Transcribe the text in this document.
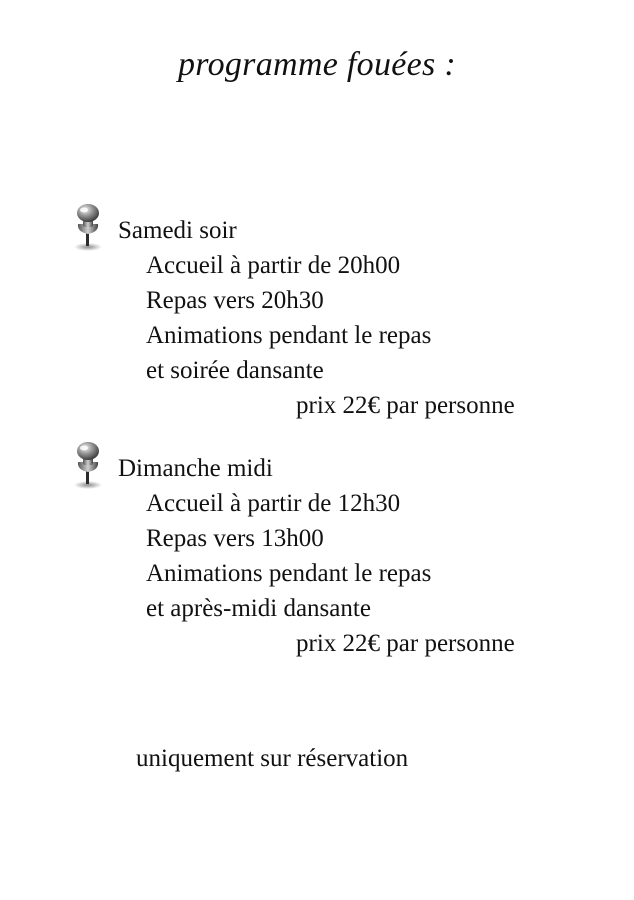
programme fouées :
Samedi soir
Accueil à partir de 20h00
Repas vers 20h30
Animations pendant le repas
et soirée dansante
prix 22€ par personne
Dimanche midi
Accueil à partir de 12h30
Repas vers 13h00
Animations pendant le repas
et après-midi dansante
prix 22€ par personne
uniquement sur réservation
